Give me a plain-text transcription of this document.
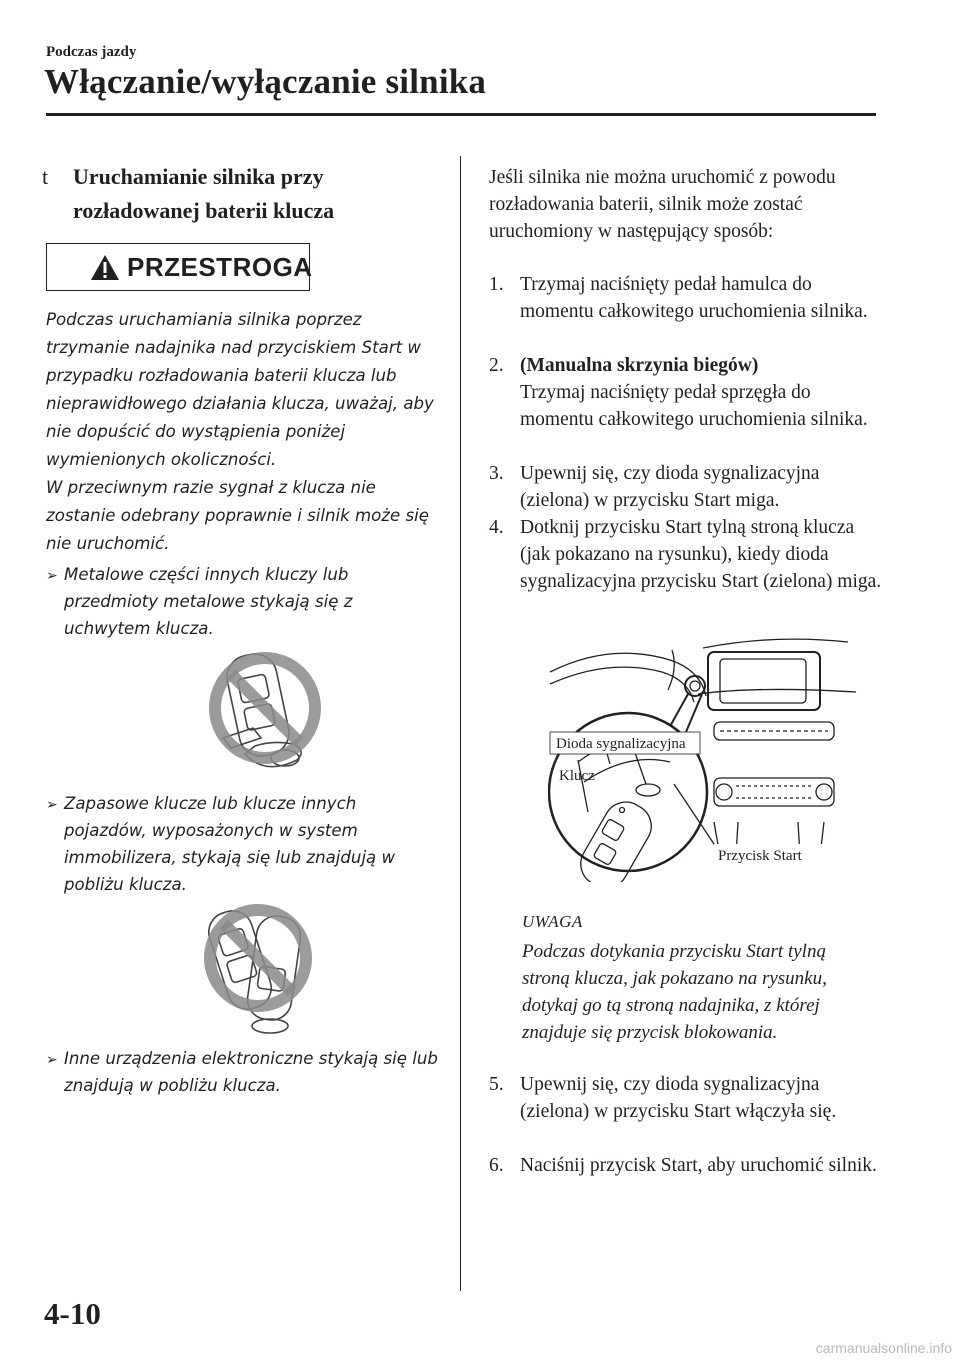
Podczas jazdy
Włączanie/wyłączanie silnika
t Uruchamianie silnika przy rozładowanej baterii klucza
PRZESTROGA

Podczas uruchamiania silnika poprzez trzymanie nadajnika nad przyciskiem Start w przypadku rozładowania baterii klucza lub nieprawidłowego działania klucza, uważaj, aby nie dopuścić do wystąpienia poniżej wymienionych okoliczności.

W przeciwnym razie sygnał z klucza nie zostanie odebrany poprawnie i silnik może się nie uruchomić.

➢ Metalowe części innych kluczy lub przedmioty metalowe stykają się z uchwytem klucza.
➢ Zapasowe klucze lub klucze innych pojazdów, wyposażonych w system immobilizera, stykają się lub znajdują w pobliżu klucza.
➢ Inne urządzenia elektroniczne stykają się lub znajdują w pobliżu klucza.
Jeśli silnika nie można uruchomić z powodu rozładowania baterii, silnik może zostać uruchomiony w następujący sposób:
1. Trzymaj naciśnięty pedał hamulca do momentu całkowitego uruchomienia silnika.
2. (Manualna skrzynia biegów)
Trzymaj naciśnięty pedał sprzęgła do momentu całkowitego uruchomienia silnika.
3. Upewnij się, czy dioda sygnalizacyjna (zielona) w przycisku Start miga.
4. Dotknij przycisku Start tylną stroną klucza (jak pokazano na rysunku), kiedy dioda sygnalizacyjna przycisku Start (zielona) miga.
Dioda sygnalizacyjna
Klucz
Przycisk Start
UWAGA
Podczas dotykania przycisku Start tylną stroną klucza, jak pokazano na rysunku, dotykaj go tą stroną nadajnika, z której znajduje się przycisk blokowania.
5. Upewnij się, czy dioda sygnalizacyjna (zielona) w przycisku Start włączyła się.
6. Naciśnij przycisk Start, aby uruchomić silnik.
4-10
carmanualsonline.info
